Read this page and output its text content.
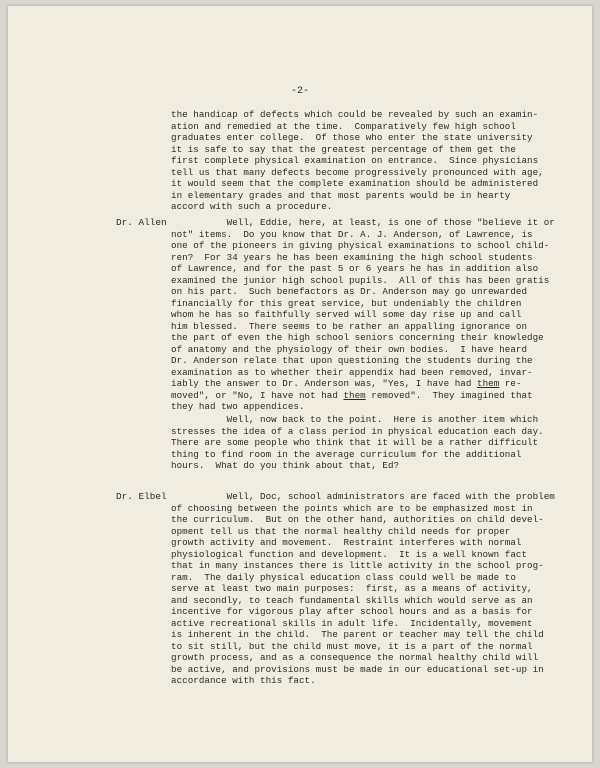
-2-
the handicap of defects which could be revealed by such an examin-
ation and remedied at the time.  Comparatively few high school
graduates enter college.  Of those who enter the state university
it is safe to say that the greatest percentage of them get the
first complete physical examination on entrance.  Since physicians
tell us that many defects become progressively pronounced with age,
it would seem that the complete examination should be administered
in elementary grades and that most parents would be in hearty
accord with such a procedure.
Dr. Allen Well, Eddie, here, at least, is one of those "believe it or
not" items.  Do you know that Dr. A. J. Anderson, of Lawrence, is
one of the pioneers in giving physical examinations to school child-
ren?  For 34 years he has been examining the high school students
of Lawrence, and for the past 5 or 6 years he has in addition also
examined the junior high school pupils.  All of this has been gratis
on his part.  Such benefactors as Dr. Anderson may go unrewarded
financially for this great service, but undeniably the children
whom he has so faithfully served will some day rise up and call
him blessed.  There seems to be rather an appalling ignorance on
the part of even the high school seniors concerning their knowledge
of anatomy and the physiology of their own bodies.  I have heard
Dr. Anderson relate that upon questioning the students during the
examination as to whether their appendix had been removed, invar-
iably the answer to Dr. Anderson was, "Yes, I have had them re-
moved", or "No, I have not had them removed".  They imagined that
they had two appendices.
Well, now back to the point.  Here is another item which
stresses the idea of a class period in physical education each day.
There are some people who think that it will be a rather difficult
thing to find room in the average curriculum for the additional
hours.  What do you think about that, Ed?
Dr. Elbel Well, Doc, school administrators are faced with the problem
of choosing between the points which are to be emphasized most in
the curriculum.  But on the other hand, authorities on child devel-
opment tell us that the normal healthy child needs for proper
growth activity and movement.  Restraint interferes with normal
physiological function and development.  It is a well known fact
that in many instances there is little activity in the school prog-
ram.  The daily physical education class could well be made to
serve at least two main purposes:  first, as a means of activity,
and secondly, to teach fundamental skills which would serve as an
incentive for vigorous play after school hours and as a basis for
active recreational skills in adult life.  Incidentally, movement
is inherent in the child.  The parent or teacher may tell the child
to sit still, but the child must move, it is a part of the normal
growth process, and as a consequence the normal healthy child will
be active, and provisions must be made in our educational set-up in
accordance with this fact.
